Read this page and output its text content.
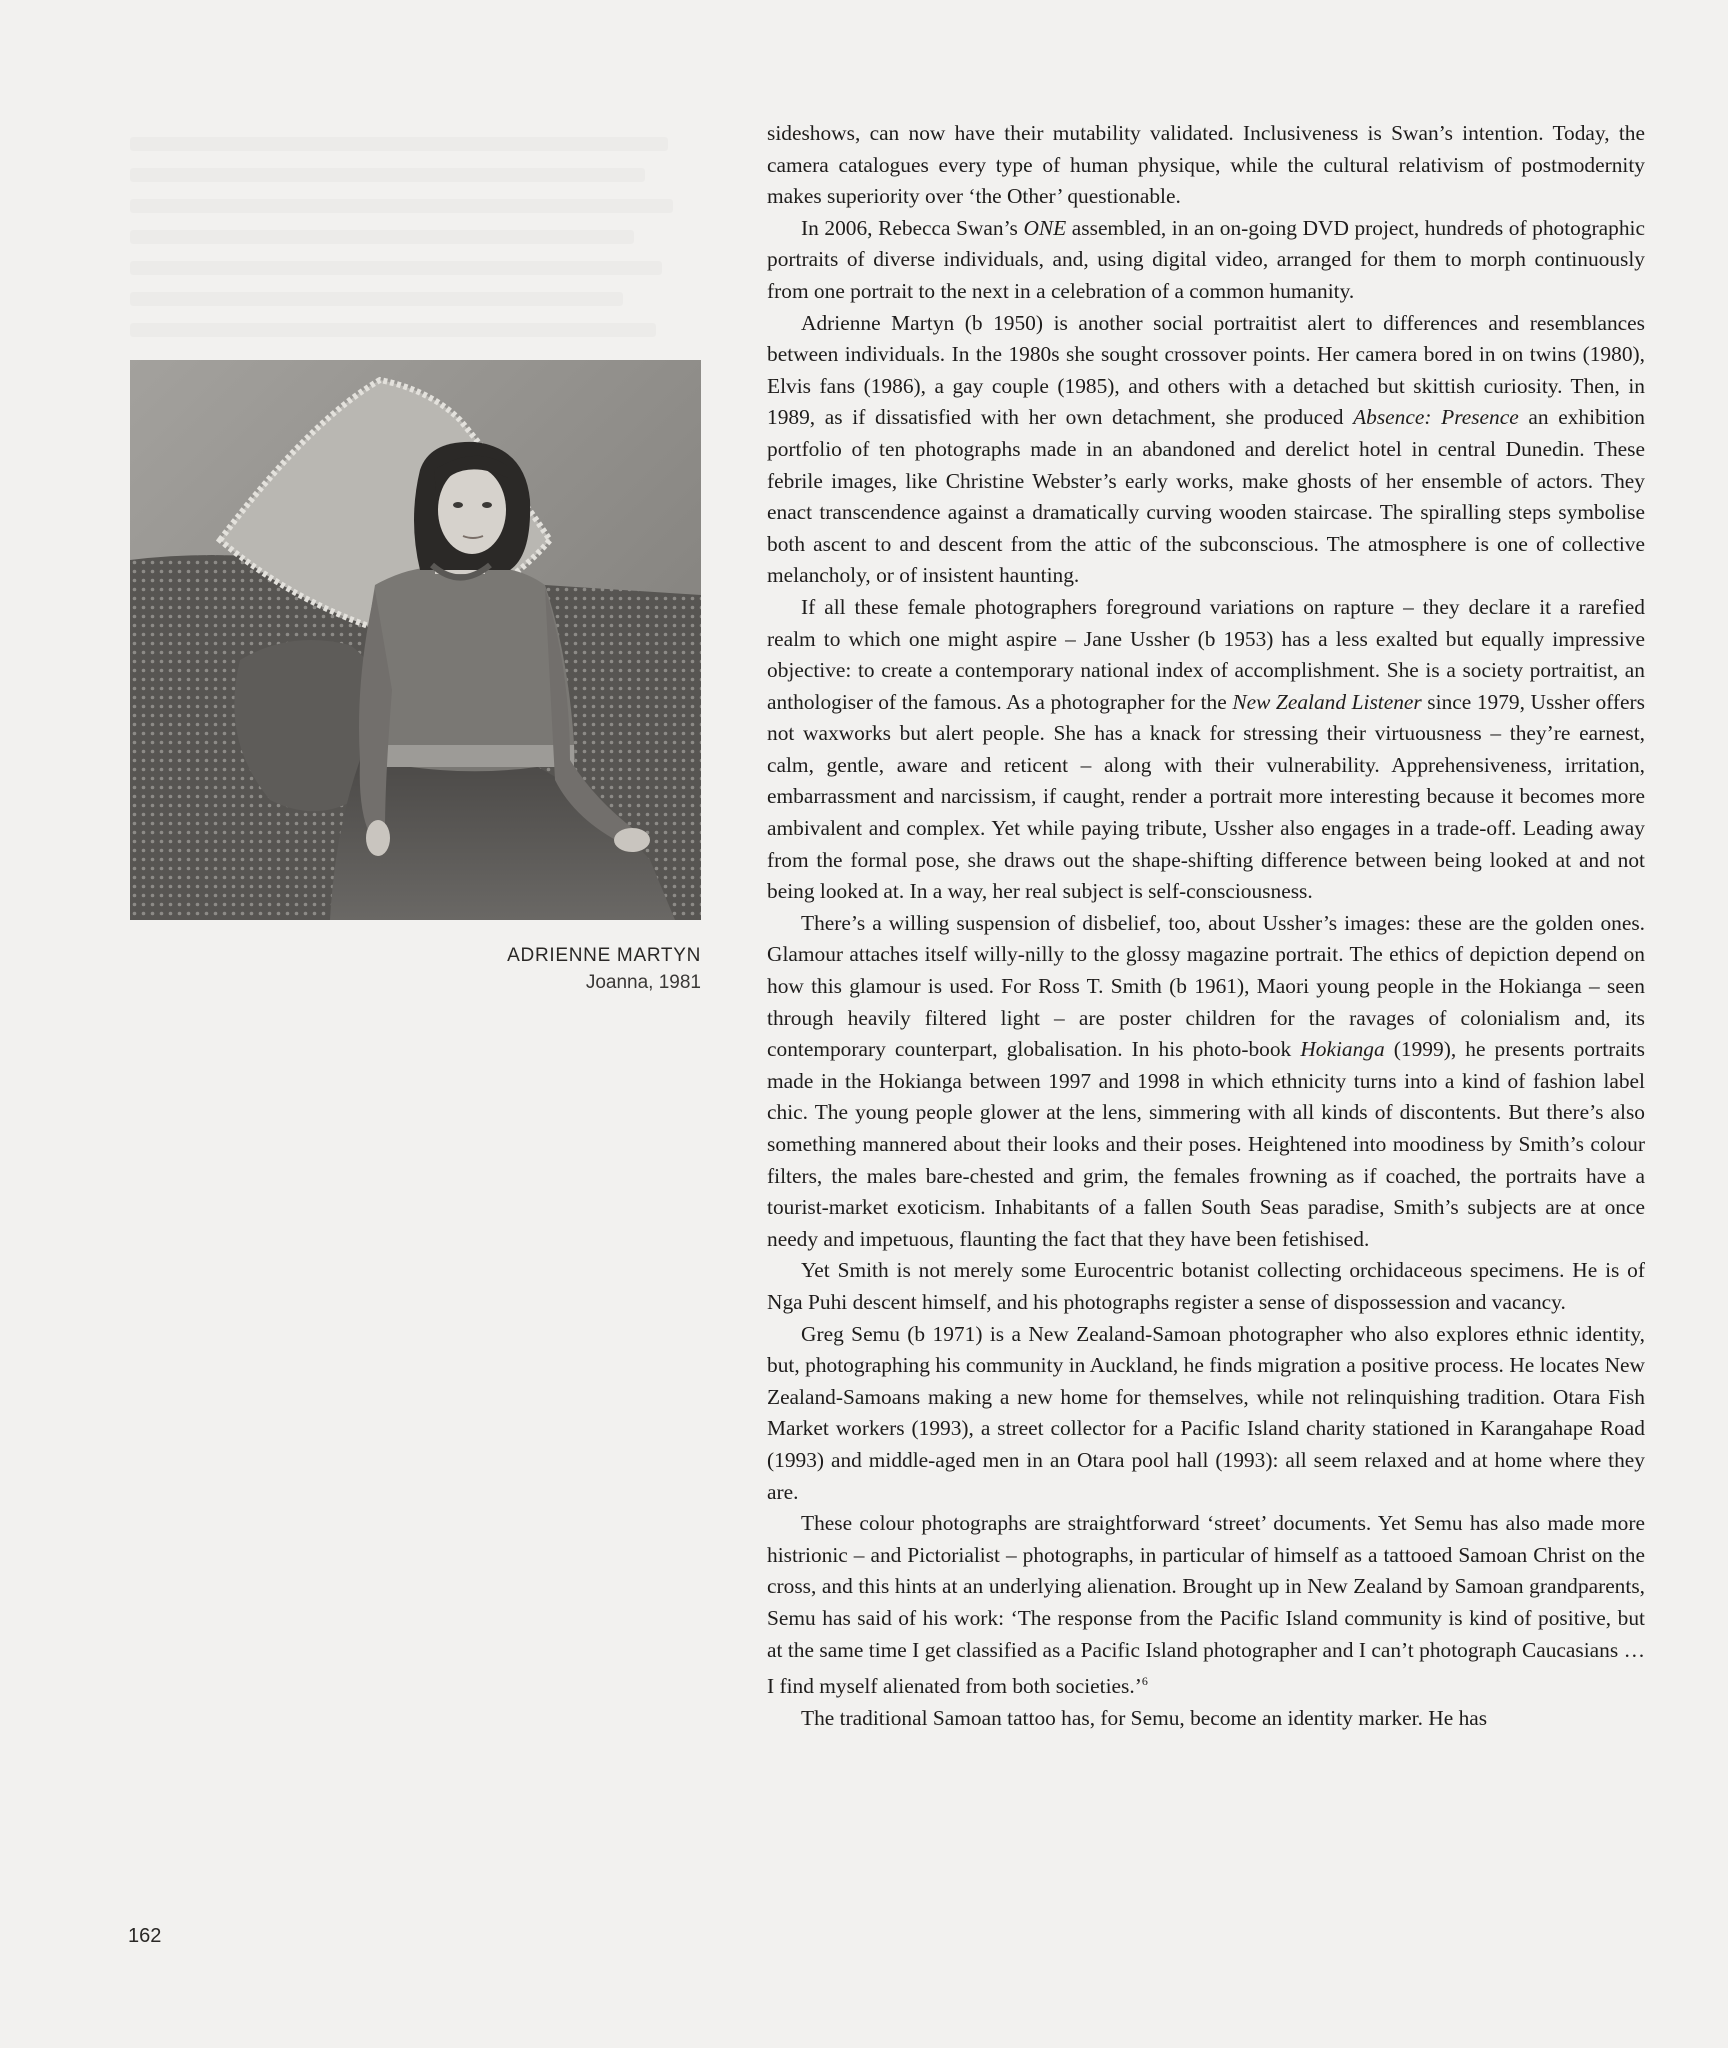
ADRIENNE MARTYN
Joanna, 1981

sideshows, can now have their mutability validated. Inclusiveness is Swan’s intention. Today, the camera catalogues every type of human physique, while the cultural relativism of postmodernity makes superiority over ‘the Other’ questionable.

In 2006, Rebecca Swan’s ONE assembled, in an on-going DVD project, hundreds of photographic portraits of diverse individuals, and, using digital video, arranged for them to morph continuously from one portrait to the next in a celebration of a common humanity.

Adrienne Martyn (b 1950) is another social portraitist alert to differences and resemblances between individuals. In the 1980s she sought crossover points. Her camera bored in on twins (1980), Elvis fans (1986), a gay couple (1985), and others with a detached but skittish curiosity. Then, in 1989, as if dissatisfied with her own detachment, she produced Absence: Presence an exhibition portfolio of ten photographs made in an abandoned and derelict hotel in central Dunedin. These febrile images, like Christine Webster’s early works, make ghosts of her ensemble of actors. They enact transcendence against a dramatically curving wooden staircase. The spiralling steps symbolise both ascent to and descent from the attic of the subconscious. The atmosphere is one of collective melancholy, or of insistent haunting.

If all these female photographers foreground variations on rapture – they declare it a rarefied realm to which one might aspire – Jane Ussher (b 1953) has a less exalted but equally impressive objective: to create a contemporary national index of accomplishment. She is a society portraitist, an anthologiser of the famous. As a photographer for the New Zealand Listener since 1979, Ussher offers not waxworks but alert people. She has a knack for stressing their virtuousness – they’re earnest, calm, gentle, aware and reticent – along with their vulnerability. Apprehensiveness, irritation, embarrassment and narcissism, if caught, render a portrait more interesting because it becomes more ambivalent and complex. Yet while paying tribute, Ussher also engages in a trade-off. Leading away from the formal pose, she draws out the shape-shifting difference between being looked at and not being looked at. In a way, her real subject is self-consciousness.

There’s a willing suspension of disbelief, too, about Ussher’s images: these are the golden ones. Glamour attaches itself willy-nilly to the glossy magazine portrait. The ethics of depiction depend on how this glamour is used. For Ross T. Smith (b 1961), Maori young people in the Hokianga – seen through heavily filtered light – are poster children for the ravages of colonialism and, its contemporary counterpart, globalisation. In his photo-book Hokianga (1999), he presents portraits made in the Hokianga between 1997 and 1998 in which ethnicity turns into a kind of fashion label chic. The young people glower at the lens, simmering with all kinds of discontents. But there’s also something mannered about their looks and their poses. Heightened into moodiness by Smith’s colour filters, the males bare-chested and grim, the females frowning as if coached, the portraits have a tourist-market exoticism. Inhabitants of a fallen South Seas paradise, Smith’s subjects are at once needy and impetuous, flaunting the fact that they have been fetishised.

Yet Smith is not merely some Eurocentric botanist collecting orchidaceous specimens. He is of Nga Puhi descent himself, and his photographs register a sense of dispossession and vacancy.

Greg Semu (b 1971) is a New Zealand-Samoan photographer who also explores ethnic identity, but, photographing his community in Auckland, he finds migration a positive process. He locates New Zealand-Samoans making a new home for themselves, while not relinquishing tradition. Otara Fish Market workers (1993), a street collector for a Pacific Island charity stationed in Karangahape Road (1993) and middle-aged men in an Otara pool hall (1993): all seem relaxed and at home where they are.

These colour photographs are straightforward ‘street’ documents. Yet Semu has also made more histrionic – and Pictorialist – photographs, in particular of himself as a tattooed Samoan Christ on the cross, and this hints at an underlying alienation. Brought up in New Zealand by Samoan grandparents, Semu has said of his work: ‘The response from the Pacific Island community is kind of positive, but at the same time I get classified as a Pacific Island photographer and I can’t photograph Caucasians … I find myself alienated from both societies.’$^6$

The traditional Samoan tattoo has, for Semu, become an identity marker. He has

162
